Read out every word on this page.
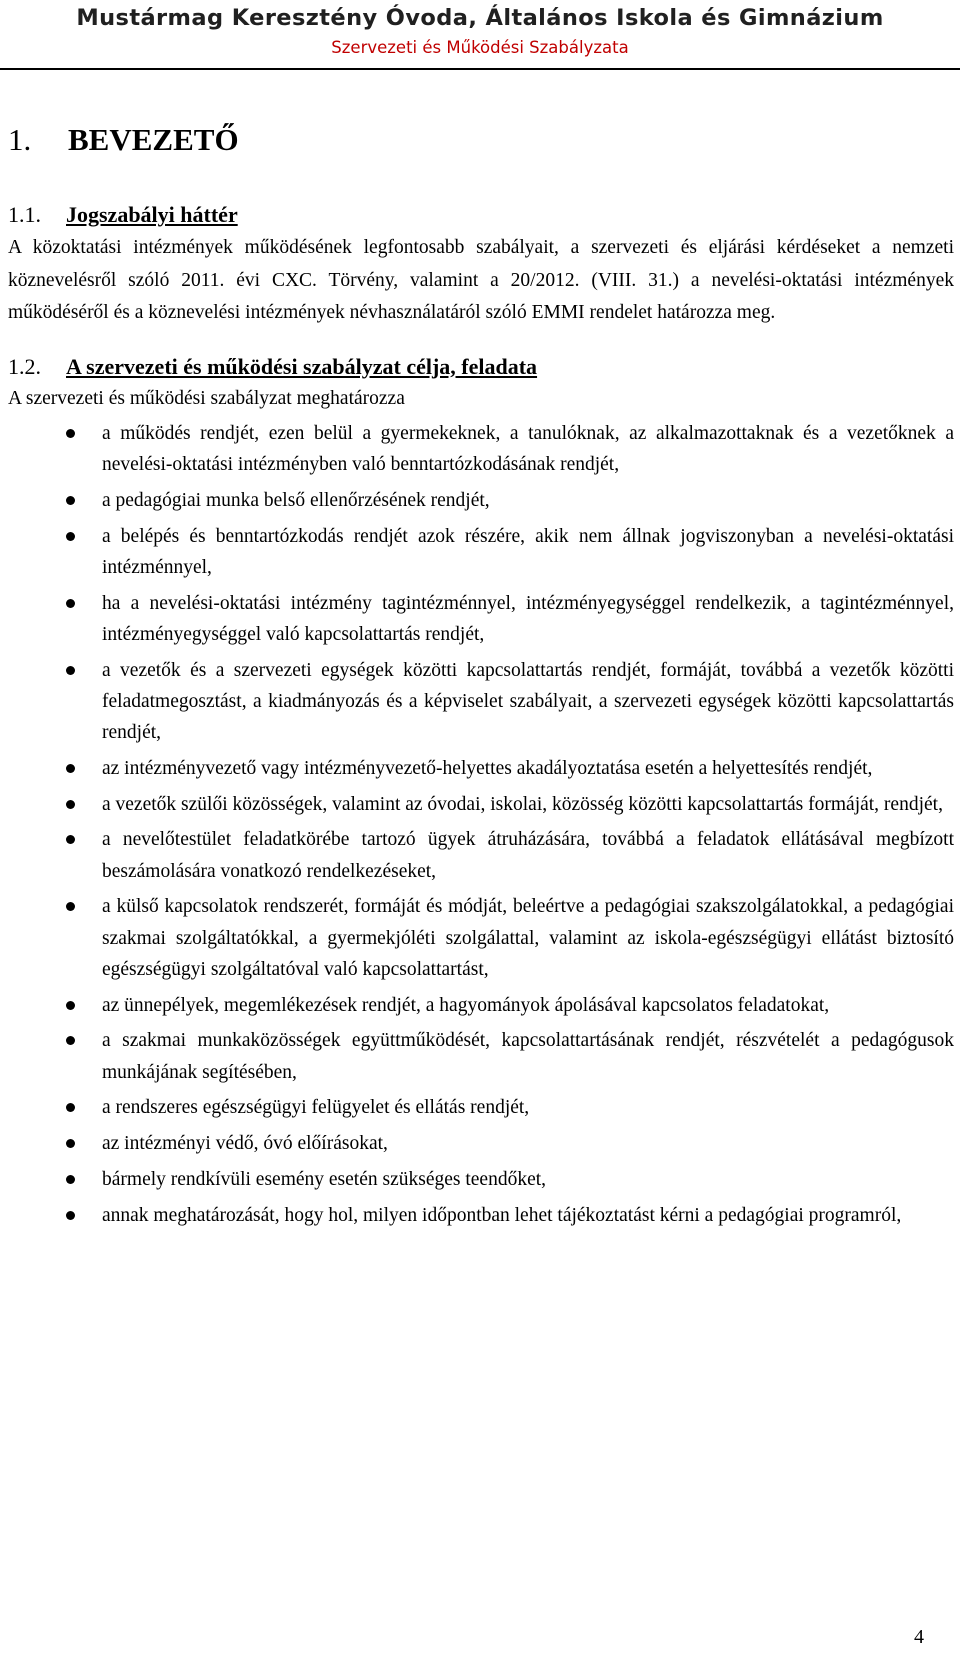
Mustármag Keresztény Óvoda, Általános Iskola és Gimnázium
Szervezeti és Működési Szabályzata
1. BEVEZETŐ
1.1. Jogszabályi háttér

A közoktatási intézmények működésének legfontosabb szabályait, a szervezeti és eljárási kérdéseket a nemzeti köznevelésről szóló 2011. évi CXC. Törvény, valamint a 20/2012. (VIII. 31.) a nevelési-oktatási intézmények működéséről és a köznevelési intézmények névhasználatáról szóló EMMI rendelet határozza meg.

1.2. A szervezeti és működési szabályzat célja, feladata

A szervezeti és működési szabályzat meghatározza

a működés rendjét, ezen belül a gyermekeknek, a tanulóknak, az alkalmazottaknak és a vezetőknek a nevelési-oktatási intézményben való benntartózkodásának rendjét,
a pedagógiai munka belső ellenőrzésének rendjét,
a belépés és benntartózkodás rendjét azok részére, akik nem állnak jogviszonyban a nevelési-oktatási intézménnyel,
ha a nevelési-oktatási intézmény tagintézménnyel, intézményegységgel rendelkezik, a tagintézménnyel, intézményegységgel való kapcsolattartás rendjét,
a vezetők és a szervezeti egységek közötti kapcsolattartás rendjét, formáját, továbbá a vezetők közötti feladatmegosztást, a kiadmányozás és a képviselet szabályait, a szervezeti egységek közötti kapcsolattartás rendjét,
az intézményvezető vagy intézményvezető-helyettes akadályoztatása esetén a helyettesítés rendjét,
a vezetők szülői közösségek, valamint az óvodai, iskolai, közösség közötti kapcsolattartás formáját, rendjét,
a nevelőtestület feladatkörébe tartozó ügyek átruházására, továbbá a feladatok ellátásával megbízott beszámolására vonatkozó rendelkezéseket,
a külső kapcsolatok rendszerét, formáját és módját, beleértve a pedagógiai szakszolgálatokkal, a pedagógiai szakmai szolgáltatókkal, a gyermekjóléti szolgálattal, valamint az iskola-egészségügyi ellátást biztosító egészségügyi szolgáltatóval való kapcsolattartást,
az ünnepélyek, megemlékezések rendjét, a hagyományok ápolásával kapcsolatos feladatokat,
a szakmai munkaközösségek együttműködését, kapcsolattartásának rendjét, részvételét a pedagógusok munkájának segítésében,
a rendszeres egészségügyi felügyelet és ellátás rendjét,
az intézményi védő, óvó előírásokat,
bármely rendkívüli esemény esetén szükséges teendőket,
annak meghatározását, hogy hol, milyen időpontban lehet tájékoztatást kérni a pedagógiai programról,
4
